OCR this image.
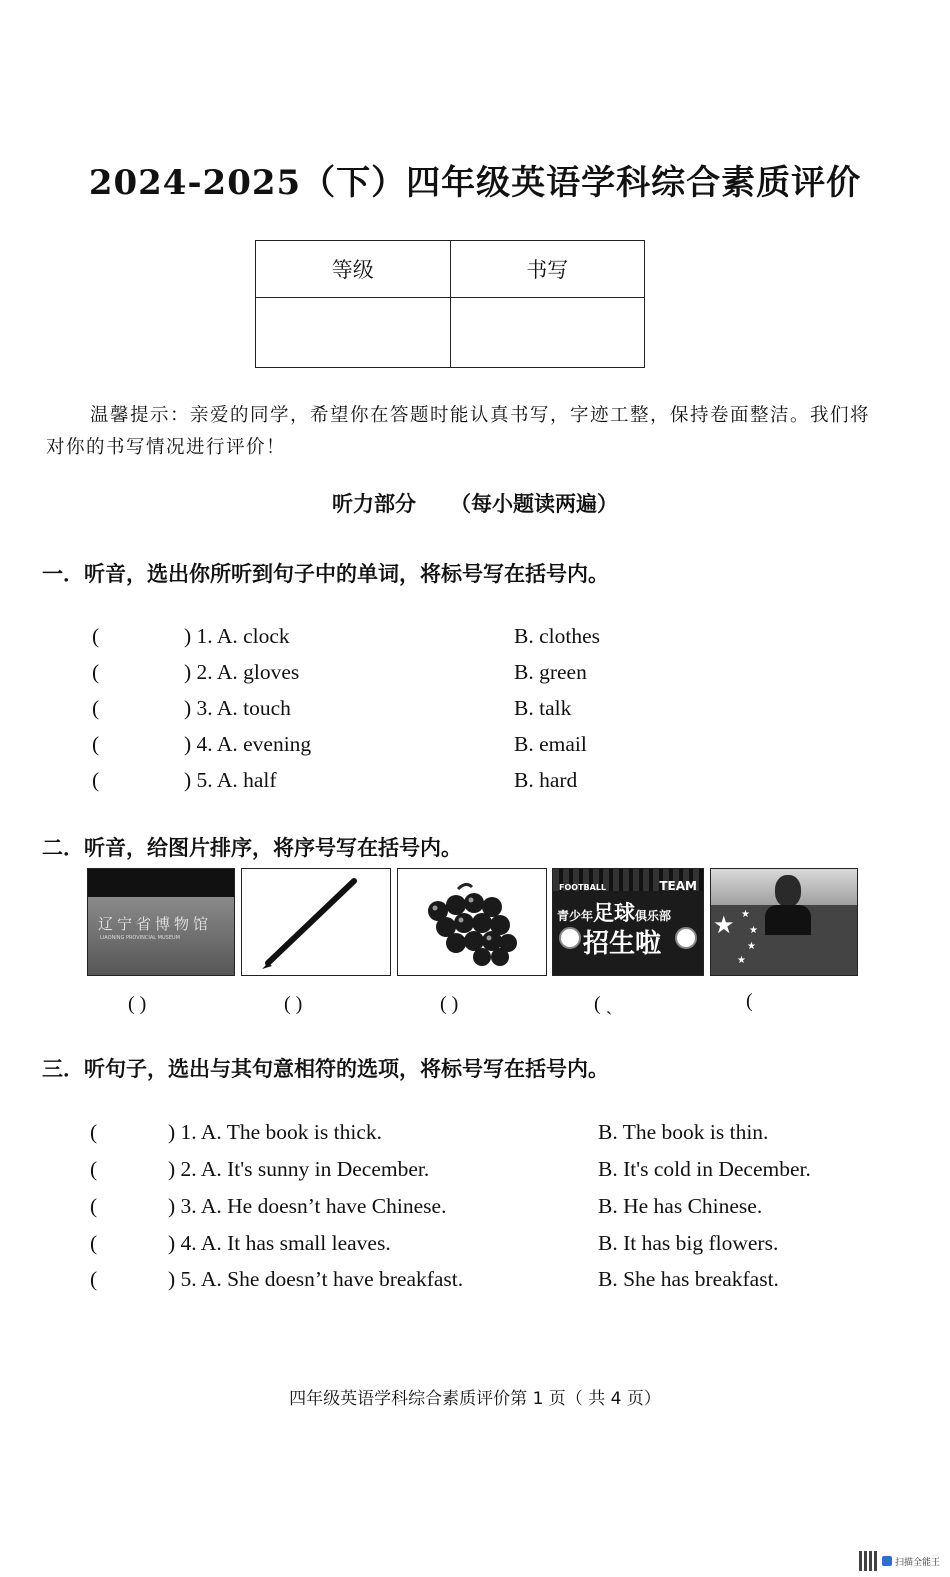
2024-2025（下）四年级英语学科综合素质评价
等级	书写

温馨提示：亲爱的同学，希望你在答题时能认真书写，字迹工整，保持卷面整洁。我们将对你的书写情况进行评价！
听力部分 （每小题读两遍）
一．听音，选出你所听到句子中的单词，将标号写在括号内。
(	) 1. A. clock	B. clothes
(	) 2. A. gloves	B. green
(	) 3. A. touch	B. talk
(	) 4. A. evening	B. email
(	) 5. A. half	B. hard
二．听音，给图片排序，将序号写在括号内。
辽宁省博物馆
LIAONING PROVINCIAL MUSEUM
FOOTBALL	TEAM
青少年足球俱乐部
招生啦
★ ★
★
★
★
( )	( )	( )	( ˎ	(
三．听句子，选出与其句意相符的选项，将标号写在括号内。
(	) 1. A. The book is thick.	B. The book is thin.
(	) 2. A. It's sunny in December.	B. It's cold in December.
(	) 3. A. He doesn’t have Chinese.	B. He has Chinese.
(	) 4. A. It has small leaves.	B. It has big flowers.
(	) 5. A. She doesn’t have breakfast.	B. She has breakfast.
四年级英语学科综合素质评价第 1 页（ 共 4 页）
扫描全能王
